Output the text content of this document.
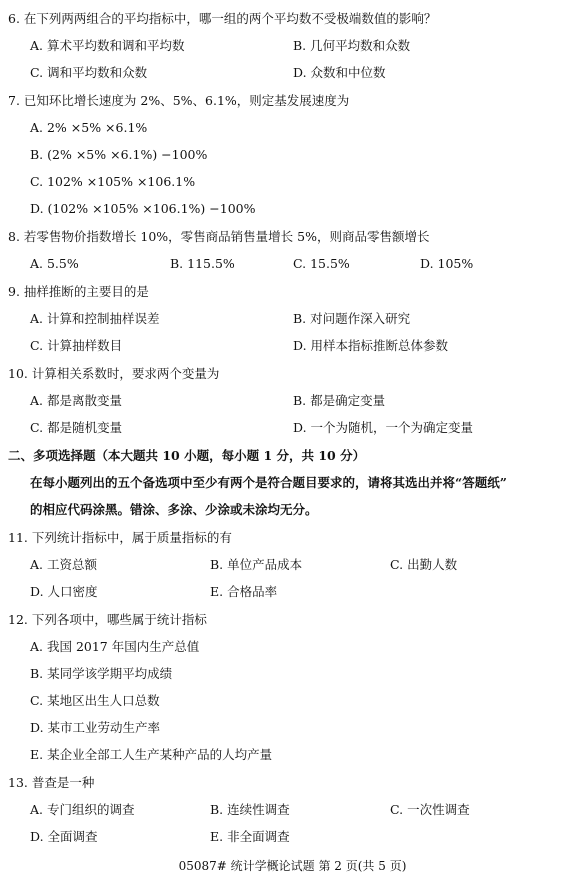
6. 在下列两两组合的平均指标中，哪一组的两个平均数不受极端数值的影响？
A. 算术平均数和调和平均数	B. 几何平均数和众数
C. 调和平均数和众数	D. 众数和中位数
7. 已知环比增长速度为 2%、5%、6.1%，则定基发展速度为
A. 2% ×5% ×6.1%
B. (2% ×5% ×6.1%) −100%
C. 102% ×105% ×106.1%
D. (102% ×105% ×106.1%) −100%
8. 若零售物价指数增长 10%，零售商品销售量增长 5%，则商品零售额增长
A. 5.5%	B. 115.5%	C. 15.5%	D. 105%
9. 抽样推断的主要目的是
A. 计算和控制抽样误差	B. 对问题作深入研究
C. 计算抽样数目	D. 用样本指标推断总体参数
10. 计算相关系数时，要求两个变量为
A. 都是离散变量	B. 都是确定变量
C. 都是随机变量	D. 一个为随机，一个为确定变量
二、多项选择题（本大题共 10 小题，每小题 1 分，共 10 分）
在每小题列出的五个备选项中至少有两个是符合题目要求的，请将其选出并将“答题纸”
的相应代码涂黑。错涂、多涂、少涂或未涂均无分。
11. 下列统计指标中，属于质量指标的有
A. 工资总额	B. 单位产品成本	C. 出勤人数
D. 人口密度	E. 合格品率
12. 下列各项中，哪些属于统计指标
A. 我国 2017 年国内生产总值
B. 某同学该学期平均成绩
C. 某地区出生人口总数
D. 某市工业劳动生产率
E. 某企业全部工人生产某种产品的人均产量
13. 普查是一种
A. 专门组织的调查	B. 连续性调查	C. 一次性调查
D. 全面调查	E. 非全面调查
05087# 统计学概论试题 第 2 页(共 5 页)
